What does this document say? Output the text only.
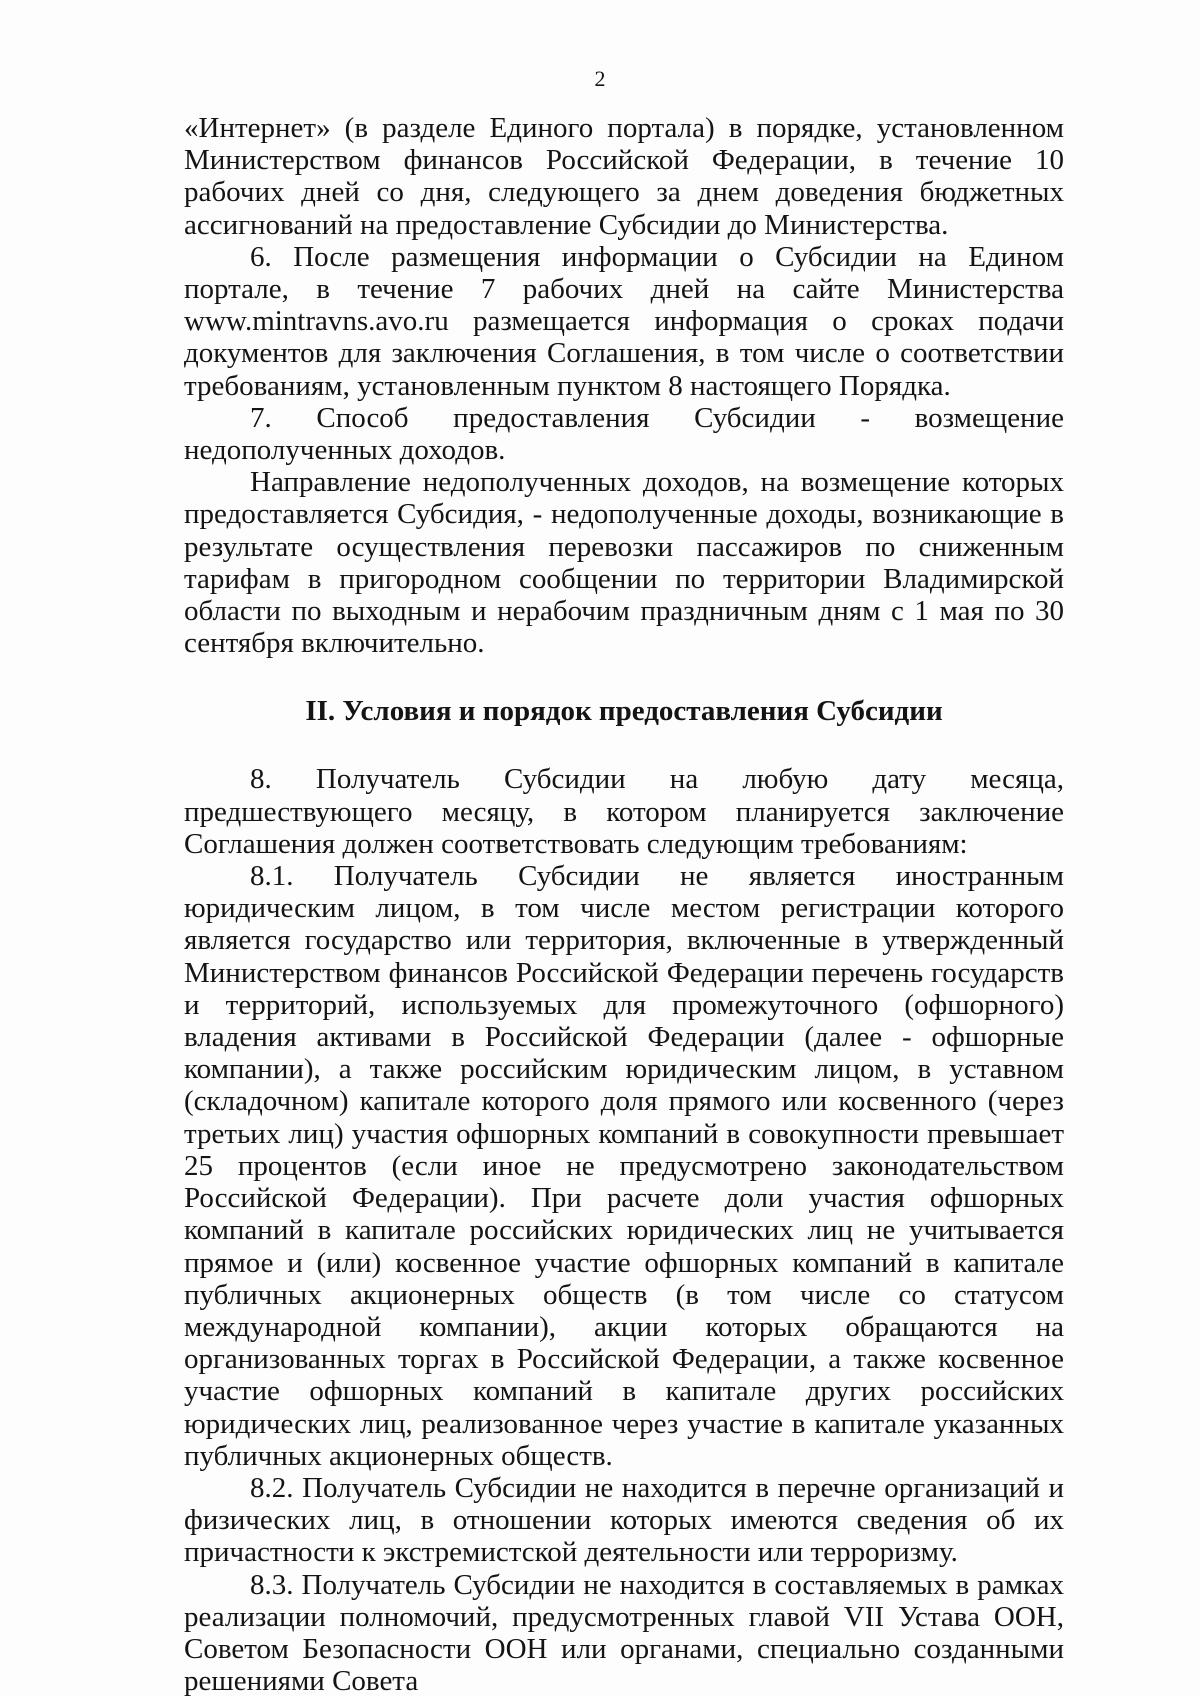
2

«Интернет» (в разделе Единого портала) в порядке, установленном Министерством финансов Российской Федерации, в течение 10 рабочих дней со дня, следующего за днем доведения бюджетных ассигнований на предоставление Субсидии до Министерства.

6. После размещения информации о Субсидии на Едином портале, в течение 7 рабочих дней на сайте Министерства www.mintravns.avo.ru размещается информация о сроках подачи документов для заключения Соглашения, в том числе о соответствии требованиям, установленным пунктом 8 настоящего Порядка.

7. Способ предоставления Субсидии - возмещение недополученных доходов.

Направление недополученных доходов, на возмещение которых предоставляется Субсидия, - недополученные доходы, возникающие в результате осуществления перевозки пассажиров по сниженным тарифам в пригородном сообщении по территории Владимирской области по выходным и нерабочим праздничным дням с 1 мая по 30 сентября включительно.

II. Условия и порядок предоставления Субсидии

8. Получатель Субсидии на любую дату месяца, предшествующего месяцу, в котором планируется заключение Соглашения должен соответствовать следующим требованиям:

8.1. Получатель Субсидии не является иностранным юридическим лицом, в том числе местом регистрации которого является государство или территория, включенные в утвержденный Министерством финансов Российской Федерации перечень государств и территорий, используемых для промежуточного (офшорного) владения активами в Российской Федерации (далее - офшорные компании), а также российским юридическим лицом, в уставном (складочном) капитале которого доля прямого или косвенного (через третьих лиц) участия офшорных компаний в совокупности превышает 25 процентов (если иное не предусмотрено законодательством Российской Федерации). При расчете доли участия офшорных компаний в капитале российских юридических лиц не учитывается прямое и (или) косвенное участие офшорных компаний в капитале публичных акционерных обществ (в том числе со статусом международной компании), акции которых обращаются на организованных торгах в Российской Федерации, а также косвенное участие офшорных компаний в капитале других российских юридических лиц, реализованное через участие в капитале указанных публичных акционерных обществ.

8.2. Получатель Субсидии не находится в перечне организаций и физических лиц, в отношении которых имеются сведения об их причастности к экстремистской деятельности или терроризму.

8.3. Получатель Субсидии не находится в составляемых в рамках реализации полномочий, предусмотренных главой VII Устава ООН, Советом Безопасности ООН или органами, специально созданными решениями Совета
